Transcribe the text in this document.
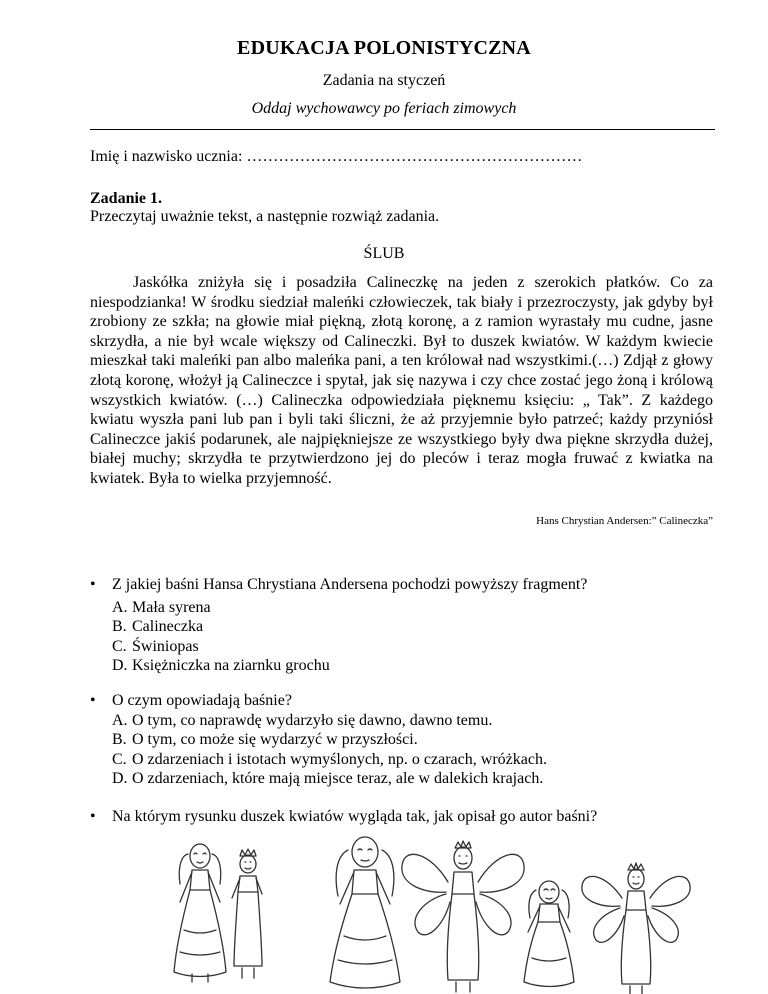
EDUKACJA POLONISTYCZNA
Zadania na styczeń
Oddaj wychowawcy po feriach zimowych
Imię i nazwisko ucznia: ………………………………………………………
Zadanie 1.
Przeczytaj uważnie tekst, a następnie rozwiąż zadania.
ŚLUB

Jaskółka zniżyła się i posadziła Calineczkę na jeden z szerokich płatków. Co za niespodzianka! W środku siedział maleńki człowieczek, tak biały i przezroczysty, jak gdyby był zrobiony ze szkła; na głowie miał piękną, złotą koronę, a z ramion wyrastały mu cudne, jasne skrzydła, a nie był wcale większy od Calineczki. Był to duszek kwiatów. W każdym kwiecie mieszkał taki maleńki pan albo maleńka pani, a ten królował nad wszystkimi.(…) Zdjął z głowy złotą koronę, włożył ją Calineczce i spytał, jak się nazywa i czy chce zostać jego żoną i królową wszystkich kwiatów. (…) Calineczka odpowiedziała pięknemu księciu: „ Tak”. Z każdego kwiatu wyszła pani lub pan i byli taki śliczni, że aż przyjemnie było patrzeć; każdy przyniósł Calineczce jakiś podarunek, ale najpiękniejsze ze wszystkiego były dwa piękne skrzydła dużej, białej muchy; skrzydła te przytwierdzono jej do pleców i teraz mogła fruwać z kwiatka na kwiatek. Była to wielka przyjemność.

Hans Chrystian Andersen:” Calineczka”
• Z jakiej baśni Hansa Chrystiana Andersena pochodzi powyższy fragment?
A. Mała syrena
B. Calineczka
C. Świniopas
D. Księżniczka na ziarnku grochu
• O czym opowiadają baśnie?
A. O tym, co naprawdę wydarzyło się dawno, dawno temu.
B. O tym, co może się wydarzyć w przyszłości.
C. O zdarzeniach i istotach wymyślonych, np. o czarach, wróżkach.
D. O zdarzeniach, które mają miejsce teraz, ale w dalekich krajach.
• Na którym rysunku duszek kwiatów wygląda tak, jak opisał go autor baśni?
